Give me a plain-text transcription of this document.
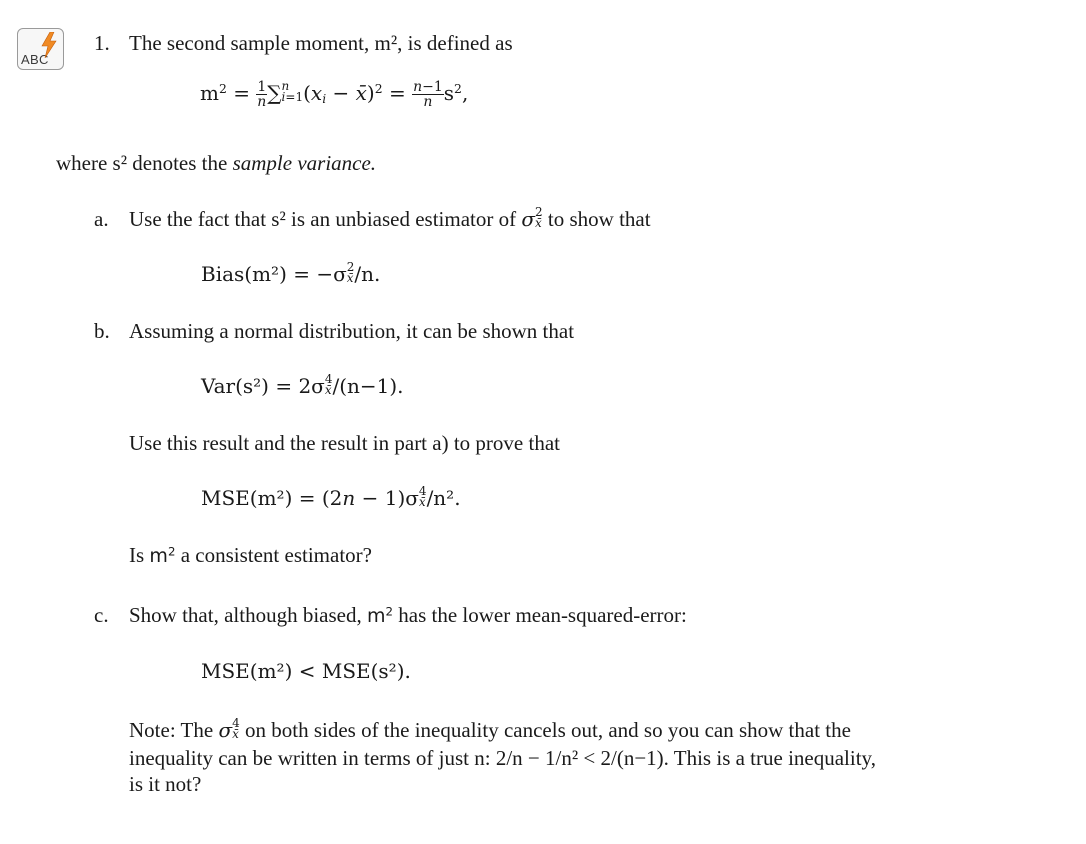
ABC
1. The second sample moment, m², is defined as
$m^2 = \frac{1}{n}$ ∑ n
i=1 ($x_i$ − x̄)$^2$ = $\frac{n-1}{n} s^2$,
where s² denotes the sample variance.
a. Use the fact that s² is an unbiased estimator of σ 2
x̄ to show that
Bias(m²) = −σ 2
x̄ /n.
b. Assuming a normal distribution, it can be shown that
Var(s²) = 2σ 4
x̄ /(n−1).
Use this result and the result in part a) to prove that
MSE(m²) = (2n − 1)σ 4
x̄ /n².
Is $m^2$ a consistent estimator?
c. Show that, although biased, $m^2$ has the lower mean-squared-error:
MSE(m²) < MSE(s²).
Note: The σ 4
x̄ on both sides of the inequality cancels out, and so you can show that the
inequality can be written in terms of just n: 2/n − 1/n² < 2/(n−1). This is a true inequality,
is it not?
